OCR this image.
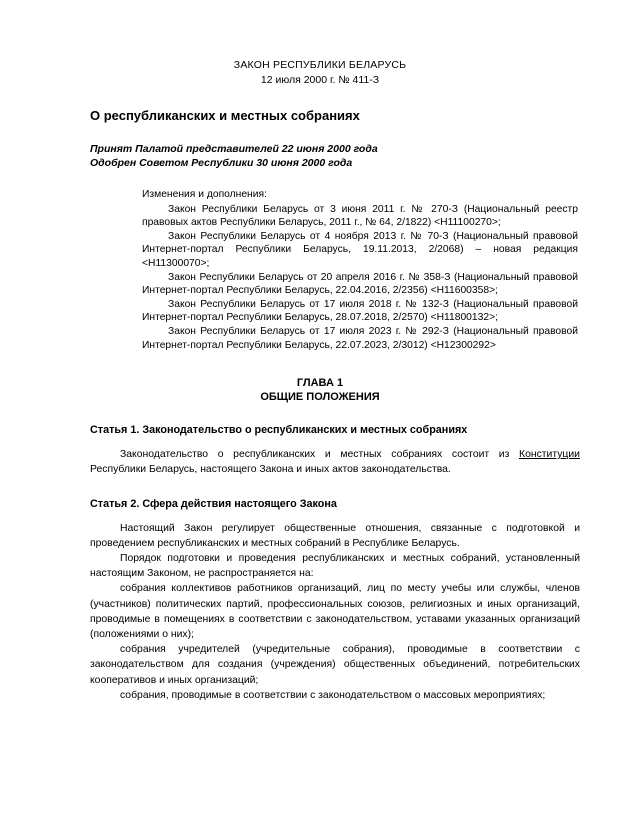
ЗАКОН РЕСПУБЛИКИ БЕЛАРУСЬ
12 июля 2000 г. № 411-З
О республиканских и местных собраниях
Принят Палатой представителей 22 июня 2000 года
Одобрен Советом Республики 30 июня 2000 года
Изменения и дополнения:
Закон Республики Беларусь от 3 июня 2011 г. № 270-З (Национальный реестр правовых актов Республики Беларусь, 2011 г., № 64, 2/1822) <Н11100270>;
Закон Республики Беларусь от 4 ноября 2013 г. № 70-З (Национальный правовой Интернет-портал Республики Беларусь, 19.11.2013, 2/2068) – новая редакция <Н11300070>;
Закон Республики Беларусь от 20 апреля 2016 г. № 358-З (Национальный правовой Интернет-портал Республики Беларусь, 22.04.2016, 2/2356) <Н11600358>;
Закон Республики Беларусь от 17 июля 2018 г. № 132-З (Национальный правовой Интернет-портал Республики Беларусь, 28.07.2018, 2/2570) <Н11800132>;
Закон Республики Беларусь от 17 июля 2023 г. № 292-З (Национальный правовой Интернет-портал Республики Беларусь, 22.07.2023, 2/3012) <Н12300292>
ГЛАВА 1
ОБЩИЕ ПОЛОЖЕНИЯ
Статья 1. Законодательство о республиканских и местных собраниях
Законодательство о республиканских и местных собраниях состоит из Конституции Республики Беларусь, настоящего Закона и иных актов законодательства.
Статья 2. Сфера действия настоящего Закона
Настоящий Закон регулирует общественные отношения, связанные с подготовкой и проведением республиканских и местных собраний в Республике Беларусь.
Порядок подготовки и проведения республиканских и местных собраний, установленный настоящим Законом, не распространяется на:
собрания коллективов работников организаций, лиц по месту учебы или службы, членов (участников) политических партий, профессиональных союзов, религиозных и иных организаций, проводимые в помещениях в соответствии с законодательством, уставами указанных организаций (положениями о них);
собрания учредителей (учредительные собрания), проводимые в соответствии с законодательством для создания (учреждения) общественных объединений, потребительских кооперативов и иных организаций;
собрания, проводимые в соответствии с законодательством о массовых мероприятиях;
